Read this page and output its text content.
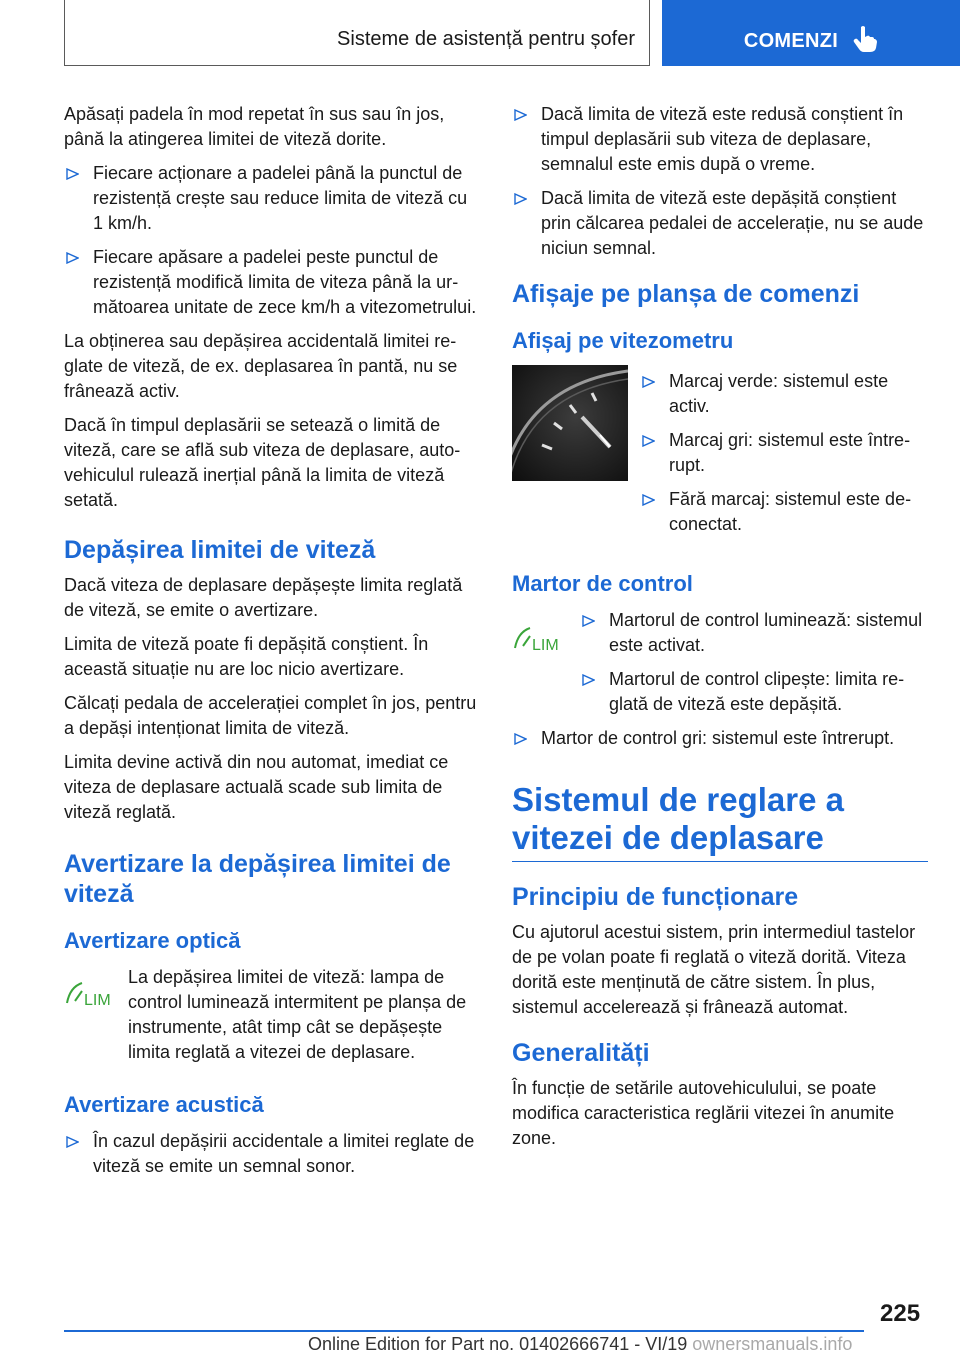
Sisteme de asistență pentru șofer	COMENZI

Apăsați padela în mod repetat în sus sau în jos, până la atingerea limitei de viteză dorite.

Fiecare acționare a padelei până la punctul de rezistență crește sau reduce limita de viteză cu 1 km/h.
Fiecare apăsare a padelei peste punctul de rezistență modifică limita de viteza până la următoarea unitate de zece km/h a vitezometrului.

La obținerea sau depășirea accidentală limitei reglate de viteză, de ex. deplasarea în pantă, nu se frânează activ.

Dacă în timpul deplasării se setează o limită de viteză, care se află sub viteza de deplasare, autovehiculul rulează inerțial până la limita de viteză setată.

Depășirea limitei de viteză

Dacă viteza de deplasare depășește limita reglată de viteză, se emite o avertizare.

Limita de viteză poate fi depășită conștient. În această situație nu are loc nicio avertizare.

Călcați pedala de accelerației complet în jos, pentru a depăși intenționat limita de viteză.

Limita devine activă din nou automat, imediat ce viteza de deplasare actuală scade sub limita de viteză reglată.

Avertizare la depășirea limitei de viteză
Avertizare optică
LIM

La depășirea limitei de viteză: lampa de control luminează intermitent pe planșa de instrumente, atât timp cât se depășește limita reglată a vitezei de deplasare.

Avertizare acustică
În cazul depășirii accidentale a limitei reglate de viteză se emite un semnal sonor.
Dacă limita de viteză este redusă conștient în timpul deplasării sub viteza de deplasare, semnalul este emis după o vreme.
Dacă limita de viteză este depășită conștient prin călcarea pedalei de accelerație, nu se aude niciun semnal.
Afișaje pe planșa de comenzi
Afișaj pe vitezometru
Marcaj verde: sistemul este activ.
Marcaj gri: sistemul este întrerupt.
Fără marcaj: sistemul este deconectat.
Martor de control
LIM
Martorul de control luminează: sistemul este activat.
Martorul de control clipește: limita reglată de viteză este depășită.
Martor de control gri: sistemul este întrerupt.
Sistemul de reglare a vitezei de deplasare
Principiu de funcționare

Cu ajutorul acestui sistem, prin intermediul tastelor de pe volan poate fi reglată o viteză dorită. Viteza dorită este menținută de către sistem. În plus, sistemul accelerează și frânează automat.

Generalități

În funcție de setările autovehiculului, se poate modifica caracteristica reglării vitezei în anumite zone.

225
Online Edition for Part no. 01402666741 - VI/19 ownersmanuals.info
